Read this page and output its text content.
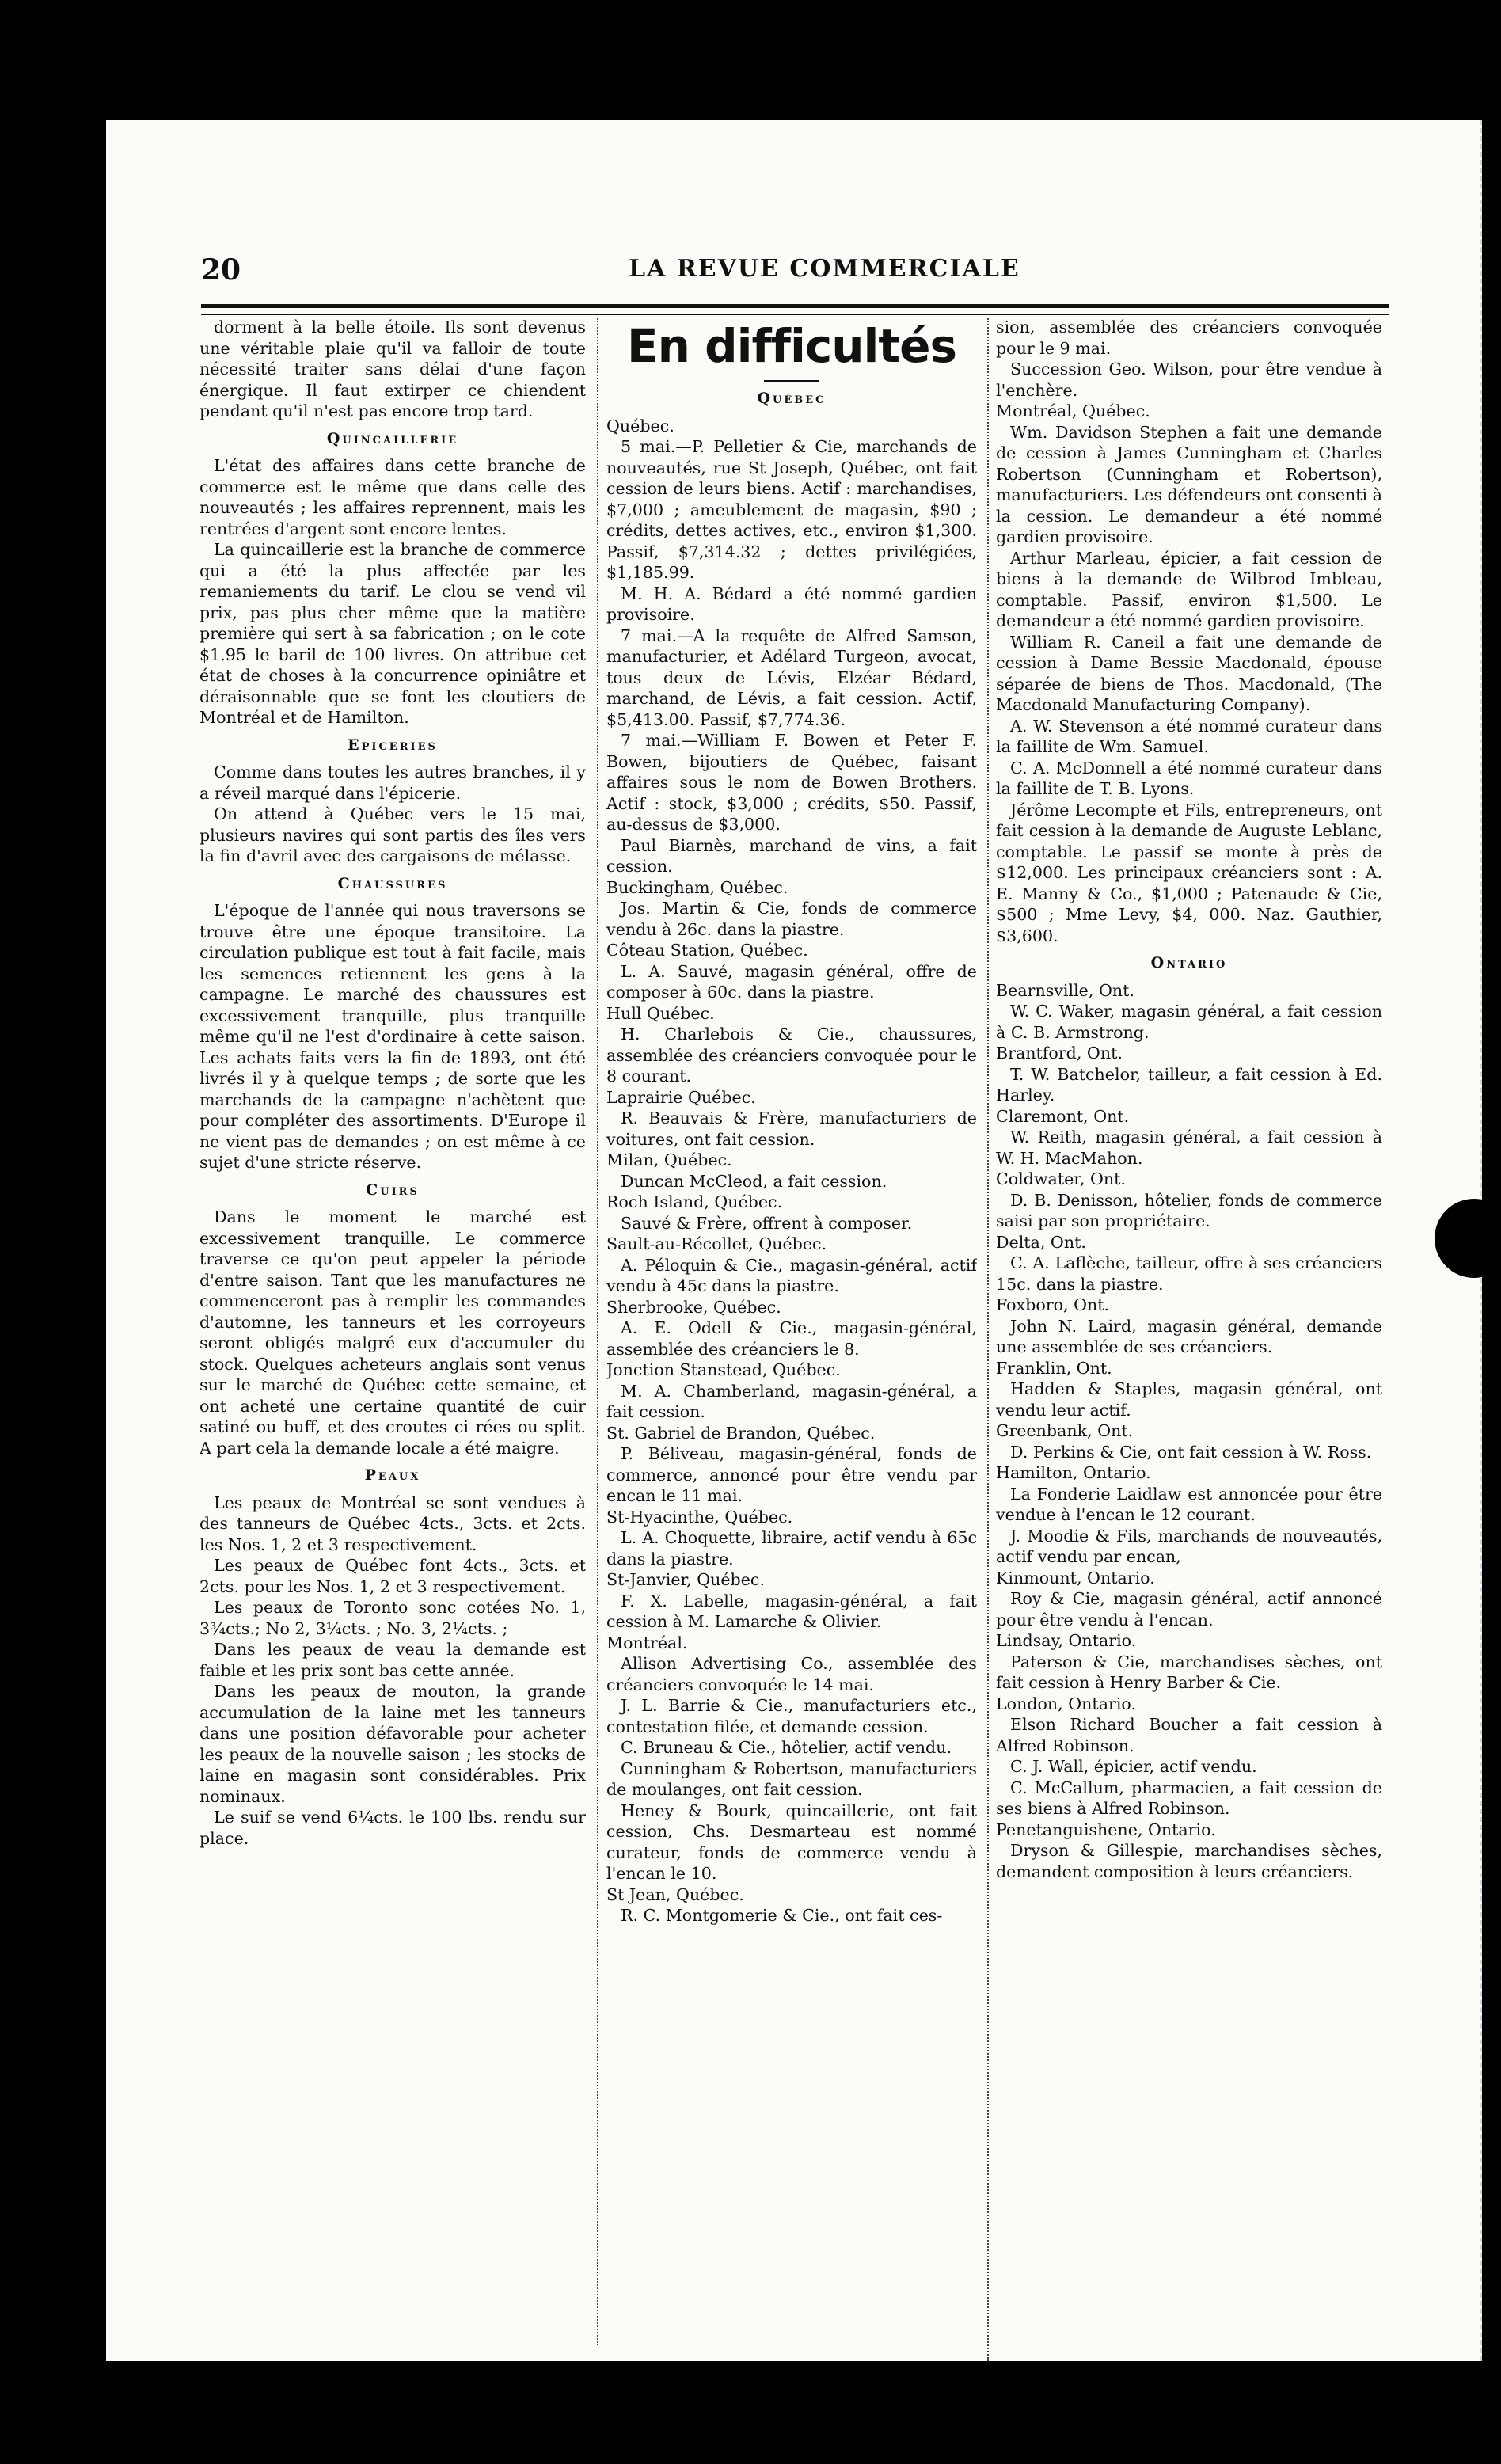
20	LA REVUE COMMERCIALE

dorment à la belle étoile. Ils sont devenus une véritable plaie qu'il va falloir de toute nécessité traiter sans délai d'une façon énergique. Il faut extirper ce chiendent pendant qu'il n'est pas encore trop tard.

Quincaillerie

L'état des affaires dans cette branche de commerce est le même que dans celle des nouveautés ; les affaires reprennent, mais les rentrées d'argent sont encore lentes.

La quincaillerie est la branche de commerce qui a été la plus affectée par les remaniements du tarif. Le clou se vend vil prix, pas plus cher même que la matière première qui sert à sa fabrication ; on le cote $1.95 le baril de 100 livres. On attribue cet état de choses à la concurrence opiniâtre et déraisonnable que se font les cloutiers de Montréal et de Hamilton.

Epiceries

Comme dans toutes les autres branches, il y a réveil marqué dans l'épicerie.

On attend à Québec vers le 15 mai, plusieurs navires qui sont partis des îles vers la fin d'avril avec des cargaisons de mélasse.

Chaussures

L'époque de l'année qui nous traversons se trouve être une époque transitoire. La circulation publique est tout à fait facile, mais les semences retiennent les gens à la campagne. Le marché des chaussures est excessivement tranquille, plus tranquille même qu'il ne l'est d'ordinaire à cette saison. Les achats faits vers la fin de 1893, ont été livrés il y à quelque temps ; de sorte que les marchands de la campagne n'achètent que pour compléter des assortiments. D'Europe il ne vient pas de demandes ; on est même à ce sujet d'une stricte réserve.

Cuirs

Dans le moment le marché est excessivement tranquille. Le commerce traverse ce qu'on peut appeler la période d'entre saison. Tant que les manufactures ne commenceront pas à remplir les commandes d'automne, les tanneurs et les corroyeurs seront obligés malgré eux d'accumuler du stock. Quelques acheteurs anglais sont venus sur le marché de Québec cette semaine, et ont acheté une certaine quantité de cuir satiné ou buff, et des croutes ci rées ou split. A part cela la demande locale a été maigre.

Peaux

Les peaux de Montréal se sont vendues à des tanneurs de Québec 4cts., 3cts. et 2cts. les Nos. 1, 2 et 3 respectivement.

Les peaux de Québec font 4cts., 3cts. et 2cts. pour les Nos. 1, 2 et 3 respectivement.

Les peaux de Toronto sonc cotées No. 1, 3¾cts.; No 2, 3¼cts. ; No. 3, 2¼cts. ;

Dans les peaux de veau la demande est faible et les prix sont bas cette année.

Dans les peaux de mouton, la grande accumulation de la laine met les tanneurs dans une position défavorable pour acheter les peaux de la nouvelle saison ; les stocks de laine en magasin sont considérables. Prix nominaux.

Le suif se vend 6¼cts. le 100 lbs. rendu sur place.

En difficultés
Québec

Québec.

5 mai.—P. Pelletier & Cie, marchands de nouveautés, rue St Joseph, Québec, ont fait cession de leurs biens. Actif : marchandises, $7,000 ; ameublement de magasin, $90 ; crédits, dettes actives, etc., environ $1,300. Passif, $7,314.32 ; dettes privilégiées, $1,185.99.

M. H. A. Bédard a été nommé gardien provisoire.

7 mai.—A la requête de Alfred Samson, manufacturier, et Adélard Turgeon, avocat, tous deux de Lévis, Elzéar Bédard, marchand, de Lévis, a fait cession. Actif, $5,413.00. Passif, $7,774.36.

7 mai.—William F. Bowen et Peter F. Bowen, bijoutiers de Québec, faisant affaires sous le nom de Bowen Brothers. Actif : stock, $3,000 ; crédits, $50. Passif, au-dessus de $3,000.

Paul Biarnès, marchand de vins, a fait cession.

Buckingham, Québec.

Jos. Martin & Cie, fonds de commerce vendu à 26c. dans la piastre.

Côteau Station, Québec.

L. A. Sauvé, magasin général, offre de composer à 60c. dans la piastre.

Hull Québec.

H. Charlebois & Cie., chaussures, assemblée des créanciers convoquée pour le 8 courant.

Laprairie Québec.

R. Beauvais & Frère, manufacturiers de voitures, ont fait cession.

Milan, Québec.

Duncan McCleod, a fait cession.

Roch Island, Québec.

Sauvé & Frère, offrent à composer.

Sault-au-Récollet, Québec.

A. Péloquin & Cie., magasin-général, actif vendu à 45c dans la piastre.

Sherbrooke, Québec.

A. E. Odell & Cie., magasin-général, assemblée des créanciers le 8.

Jonction Stanstead, Québec.

M. A. Chamberland, magasin-général, a fait cession.

St. Gabriel de Brandon, Québec.

P. Béliveau, magasin-général, fonds de commerce, annoncé pour être vendu par encan le 11 mai.

St-Hyacinthe, Québec.

L. A. Choquette, libraire, actif vendu à 65c dans la piastre.

St-Janvier, Québec.

F. X. Labelle, magasin-général, a fait cession à M. Lamarche & Olivier.

Montréal.

Allison Advertising Co., assemblée des créanciers convoquée le 14 mai.

J. L. Barrie & Cie., manufacturiers etc., contestation filée, et demande cession.

C. Bruneau & Cie., hôtelier, actif vendu.

Cunningham & Robertson, manufacturiers de moulanges, ont fait cession.

Heney & Bourk, quincaillerie, ont fait cession, Chs. Desmarteau est nommé curateur, fonds de commerce vendu à l'encan le 10.

St Jean, Québec.

R. C. Montgomerie & Cie., ont fait ces-

sion, assemblée des créanciers convoquée pour le 9 mai.

Succession Geo. Wilson, pour être vendue à l'enchère.

Montréal, Québec.

Wm. Davidson Stephen a fait une demande de cession à James Cunningham et Charles Robertson (Cunningham et Robertson), manufacturiers. Les défendeurs ont consenti à la cession. Le demandeur a été nommé gardien provisoire.

Arthur Marleau, épicier, a fait cession de biens à la demande de Wilbrod Imbleau, comptable. Passif, environ $1,500. Le demandeur a été nommé gardien provisoire.

William R. Caneil a fait une demande de cession à Dame Bessie Macdonald, épouse séparée de biens de Thos. Macdonald, (The Macdonald Manufacturing Company).

A. W. Stevenson a été nommé curateur dans la faillite de Wm. Samuel.

C. A. McDonnell a été nommé curateur dans la faillite de T. B. Lyons.

Jérôme Lecompte et Fils, entrepreneurs, ont fait cession à la demande de Auguste Leblanc, comptable. Le passif se monte à près de $12,000. Les principaux créanciers sont : A. E. Manny & Co., $1,000 ; Patenaude & Cie, $500 ; Mme Levy, $4, 000. Naz. Gauthier, $3,600.

Ontario

Bearnsville, Ont.

W. C. Waker, magasin général, a fait cession à C. B. Armstrong.

Brantford, Ont.

T. W. Batchelor, tailleur, a fait cession à Ed. Harley.

Claremont, Ont.

W. Reith, magasin général, a fait cession à W. H. MacMahon.

Coldwater, Ont.

D. B. Denisson, hôtelier, fonds de commerce saisi par son propriétaire.

Delta, Ont.

C. A. Laflèche, tailleur, offre à ses créanciers 15c. dans la piastre.

Foxboro, Ont.

John N. Laird, magasin général, demande une assemblée de ses créanciers.

Franklin, Ont.

Hadden & Staples, magasin général, ont vendu leur actif.

Greenbank, Ont.

D. Perkins & Cie, ont fait cession à W. Ross.

Hamilton, Ontario.

La Fonderie Laidlaw est annoncée pour être vendue à l'encan le 12 courant.

J. Moodie & Fils, marchands de nouveautés, actif vendu par encan,

Kinmount, Ontario.

Roy & Cie, magasin général, actif annoncé pour être vendu à l'encan.

Lindsay, Ontario.

Paterson & Cie, marchandises sèches, ont fait cession à Henry Barber & Cie.

London, Ontario.

Elson Richard Boucher a fait cession à Alfred Robinson.

C. J. Wall, épicier, actif vendu.

C. McCallum, pharmacien, a fait cession de ses biens à Alfred Robinson.

Penetanguishene, Ontario.

Dryson & Gillespie, marchandises sèches, demandent composition à leurs créanciers.
